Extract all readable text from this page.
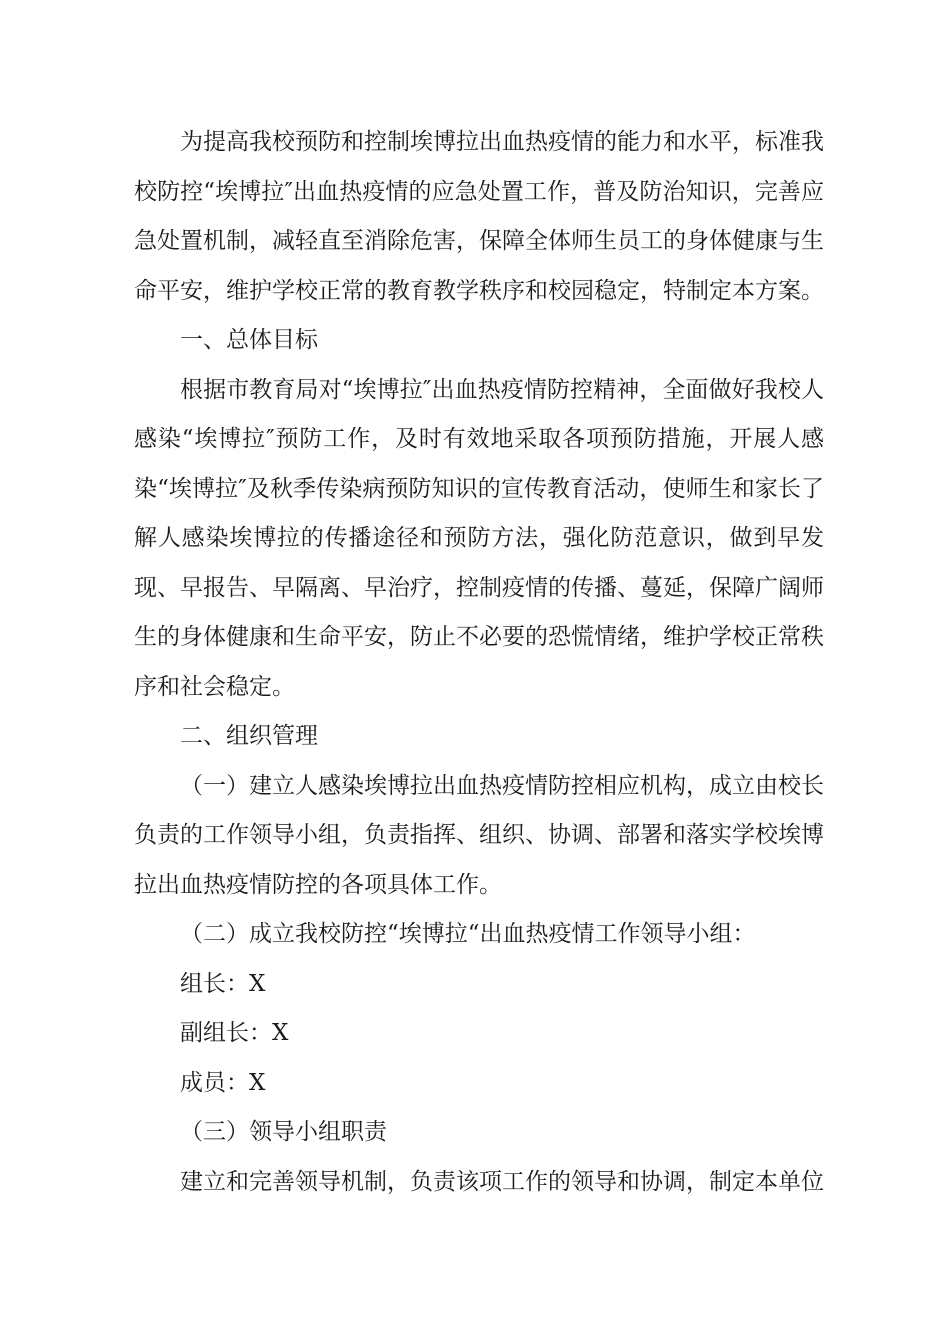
为提高我校预防和控制埃博拉出血热疫情的能力和水平，标准我校防控“埃博拉″出血热疫情的应急处置工作，普及防治知识，完善应急处置机制，减轻直至消除危害，保障全体师生员工的身体健康与生命平安，维护学校正常的教育教学秩序和校园稳定，特制定本方案。

一、总体目标

根据市教育局对“埃博拉″出血热疫情防控精神，全面做好我校人感染“埃博拉″预防工作，及时有效地采取各项预防措施，开展人感染“埃博拉″及秋季传染病预防知识的宣传教育活动，使师生和家长了解人感染埃博拉的传播途径和预防方法，强化防范意识，做到早发现、早报告、早隔离、早治疗，控制疫情的传播、蔓延，保障广阔师生的身体健康和生命平安，防止不必要的恐慌情绪，维护学校正常秩序和社会稳定。

二、组织管理

（一）建立人感染埃博拉出血热疫情防控相应机构，成立由校长负责的工作领导小组，负责指挥、组织、协调、部署和落实学校埃博拉出血热疫情防控的各项具体工作。

（二）成立我校防控“埃博拉“出血热疫情工作领导小组：

组长：X

副组长：X

成员：X

（三）领导小组职责

建立和完善领导机制，负责该项工作的领导和协调，制定本单位
